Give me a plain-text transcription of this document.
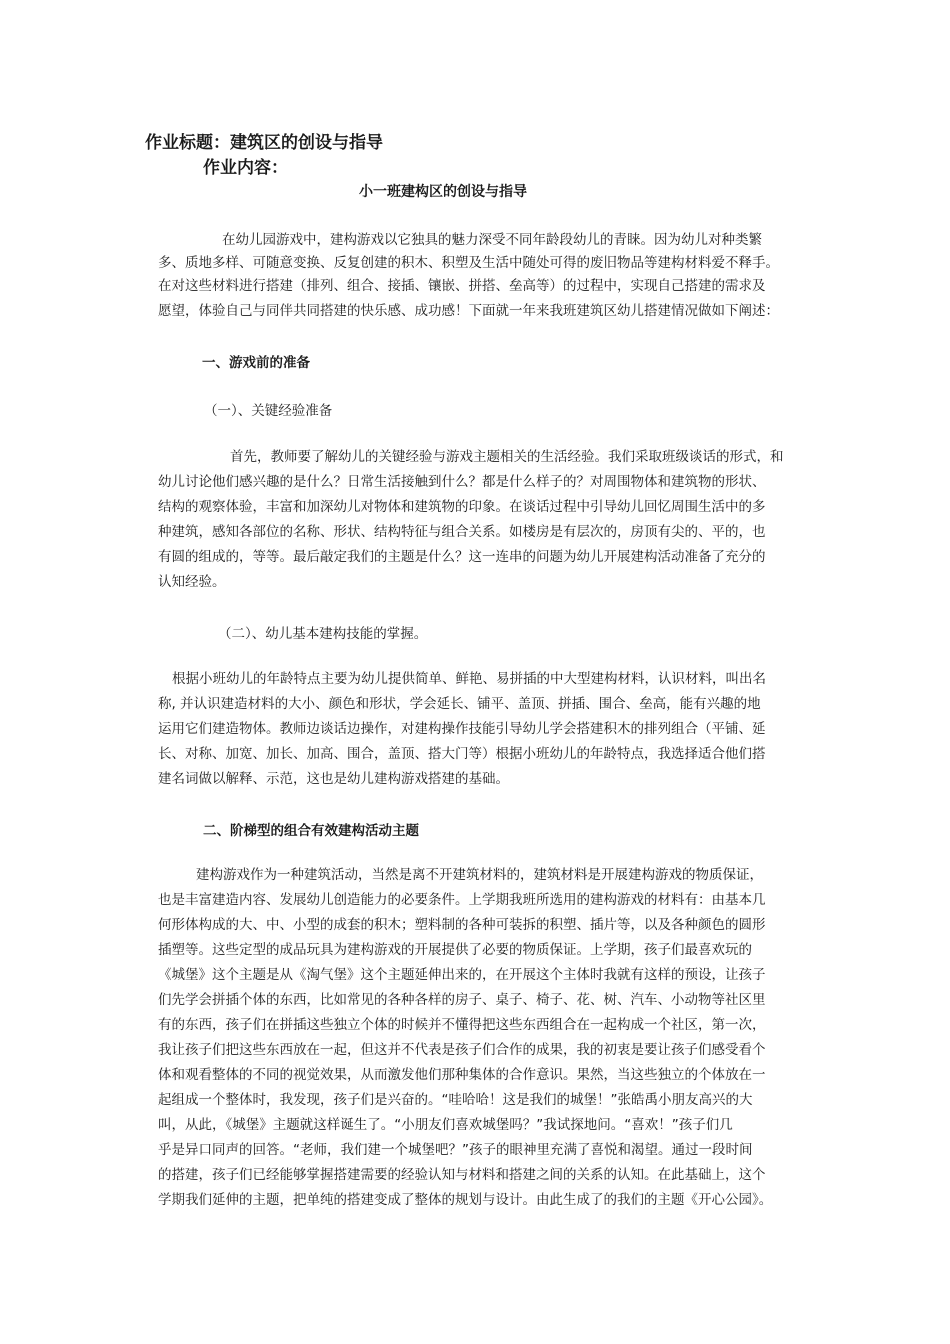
作业标题：建筑区的创设与指导
作业内容：
小一班建构区的创设与指导
在幼儿园游戏中，建构游戏以它独具的魅力深受不同年龄段幼儿的青睐。因为幼儿对种类繁
多、质地多样、可随意变换、反复创建的积木、积塑及生活中随处可得的废旧物品等建构材料爱不释手。
在对这些材料进行搭建（排列、组合、接插、镶嵌、拼搭、垒高等）的过程中，实现自己搭建的需求及
愿望，体验自己与同伴共同搭建的快乐感、成功感！下面就一年来我班建筑区幼儿搭建情况做如下阐述：
一、游戏前的准备
（一）、关键经验准备
首先，教师要了解幼儿的关键经验与游戏主题相关的生活经验。我们采取班级谈话的形式，和
幼儿讨论他们感兴趣的是什么？日常生活接触到什么？都是什么样子的？对周围物体和建筑物的形状、
结构的观察体验，丰富和加深幼儿对物体和建筑物的印象。在谈话过程中引导幼儿回忆周围生活中的多
种建筑，感知各部位的名称、形状、结构特征与组合关系。如楼房是有层次的，房顶有尖的、平的，也
有圆的组成的，等等。最后敲定我们的主题是什么？这一连串的问题为幼儿开展建构活动准备了充分的
认知经验。
（二）、幼儿基本建构技能的掌握。
根据小班幼儿的年龄特点主要为幼儿提供简单、鲜艳、易拼插的中大型建构材料，认识材料，叫出名
称, 并认识建造材料的大小、颜色和形状，学会延长、铺平、盖顶、拼插、围合、垒高，能有兴趣的地
运用它们建造物体。教师边谈话边操作，对建构操作技能引导幼儿学会搭建积木的排列组合（平铺、延
长、对称、加宽、加长、加高、围合，盖顶、搭大门等）根据小班幼儿的年龄特点，我选择适合他们搭
建名词做以解释、示范，这也是幼儿建构游戏搭建的基础。
二、阶梯型的组合有效建构活动主题
建构游戏作为一种建筑活动，当然是离不开建筑材料的，建筑材料是开展建构游戏的物质保证，
也是丰富建造内容、发展幼儿创造能力的必要条件。上学期我班所选用的建构游戏的材料有：由基本几
何形体构成的大、中、小型的成套的积木；塑料制的各种可装拆的积塑、插片等，以及各种颜色的圆形
插塑等。这些定型的成品玩具为建构游戏的开展提供了必要的物质保证。上学期，孩子们最喜欢玩的
《城堡》这个主题是从《淘气堡》这个主题延伸出来的，在开展这个主体时我就有这样的预设，让孩子
们先学会拼插个体的东西，比如常见的各种各样的房子、桌子、椅子、花、树、汽车、小动物等社区里
有的东西，孩子们在拼插这些独立个体的时候并不懂得把这些东西组合在一起构成一个社区，第一次，
我让孩子们把这些东西放在一起，但这并不代表是孩子们合作的成果，我的初衷是要让孩子们感受看个
体和观看整体的不同的视觉效果，从而激发他们那种集体的合作意识。果然，当这些独立的个体放在一
起组成一个整体时，我发现，孩子们是兴奋的。“哇哈哈！这是我们的城堡！”张皓禹小朋友高兴的大
叫，从此，《城堡》主题就这样诞生了。“小朋友们喜欢城堡吗？”我试探地问。“喜欢！”孩子们几
乎是异口同声的回答。“老师，我们建一个城堡吧？”孩子的眼神里充满了喜悦和渴望。通过一段时间
的搭建，孩子们已经能够掌握搭建需要的经验认知与材料和搭建之间的关系的认知。在此基础上，这个
学期我们延伸的主题，把单纯的搭建变成了整体的规划与设计。由此生成了的我们的主题《开心公园》。
